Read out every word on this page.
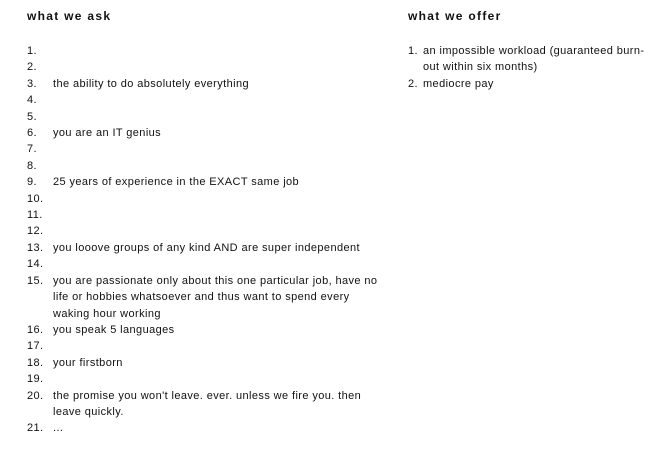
what we ask
1.
2.
3.	the ability to do absolutely everything
4.
5.
6.	you are an IT genius
7.
8.
9.	25 years of experience in the EXACT same job
10.
11.
12.
13. you looove groups of any kind AND are super independent
14.
15. you are passionate only about this one particular job, have no life or hobbies whatsoever and thus want to spend every waking hour working
16. you speak 5 languages
17.
18. your firstborn
19.
20. the promise you won't leave. ever. unless we fire you. then leave quickly.
21. ...
what we offer
1. an impossible workload (guaranteed burn-out within six months)
2. mediocre pay
